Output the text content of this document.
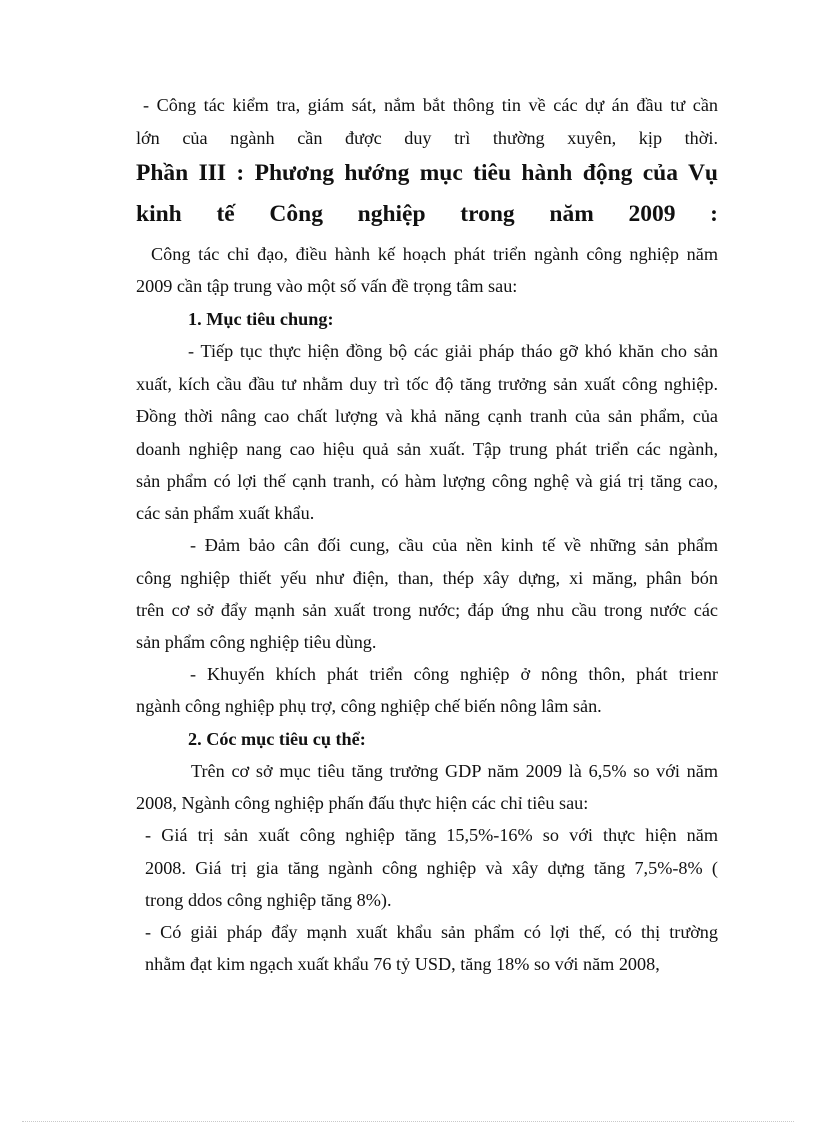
- Công tác kiểm tra, giám sát, nắm bắt thông tin về các dự án đầu tư cần
lớn của ngành cần được duy trì thường xuyên, kịp thời.
Phần III : Phương hướng mục tiêu hành động của Vụ
kinh tế Công nghiệp trong năm 2009 :
Công tác chỉ đạo, điều hành kế hoạch phát triển ngành công nghiệp năm
2009 cần tập trung vào một số vấn đề trọng tâm sau:
1. Mục tiêu chung:
- Tiếp tục thực hiện đồng bộ các giải pháp tháo gỡ khó khăn cho sản
xuất, kích cầu đầu tư nhằm duy trì tốc độ tăng trưởng sản xuất công nghiệp.
Đồng thời nâng cao chất lượng và khả năng cạnh tranh của sản phẩm, của
doanh nghiệp nang cao hiệu quả sản xuất. Tập trung phát triển các ngành,
sản phẩm có lợi thế cạnh tranh, có hàm lượng công nghệ và giá trị tăng cao,
các sản phẩm xuất khẩu.
- Đảm bảo cân đối cung, cầu của nền kinh tế về những sản phẩm
công nghiệp thiết yếu như điện, than, thép xây dựng, xi măng, phân bón
trên cơ sở đẩy mạnh sản xuất trong nước; đáp ứng nhu cầu trong nước các
sản phẩm công nghiệp tiêu dùng.
- Khuyến khích phát triển công nghiệp ở nông thôn, phát trienr
ngành công nghiệp phụ trợ, công nghiệp chế biến nông lâm sản.
2. Cóc mục tiêu cụ thể:
Trên cơ sở mục tiêu tăng trưởng GDP năm 2009 là 6,5% so với năm
2008, Ngành công nghiệp phấn đấu thực hiện các chỉ tiêu sau:
- Giá trị sản xuất công nghiệp tăng 15,5%-16% so với thực hiện năm
2008. Giá trị gia tăng ngành công nghiệp và xây dựng tăng 7,5%-8% (
trong ddos công nghiệp tăng 8%).
- Có giải pháp đẩy mạnh xuất khẩu sản phẩm có lợi thế, có thị trường
nhằm đạt kim ngạch xuất khẩu 76 tỷ USD, tăng 18% so với năm 2008,
